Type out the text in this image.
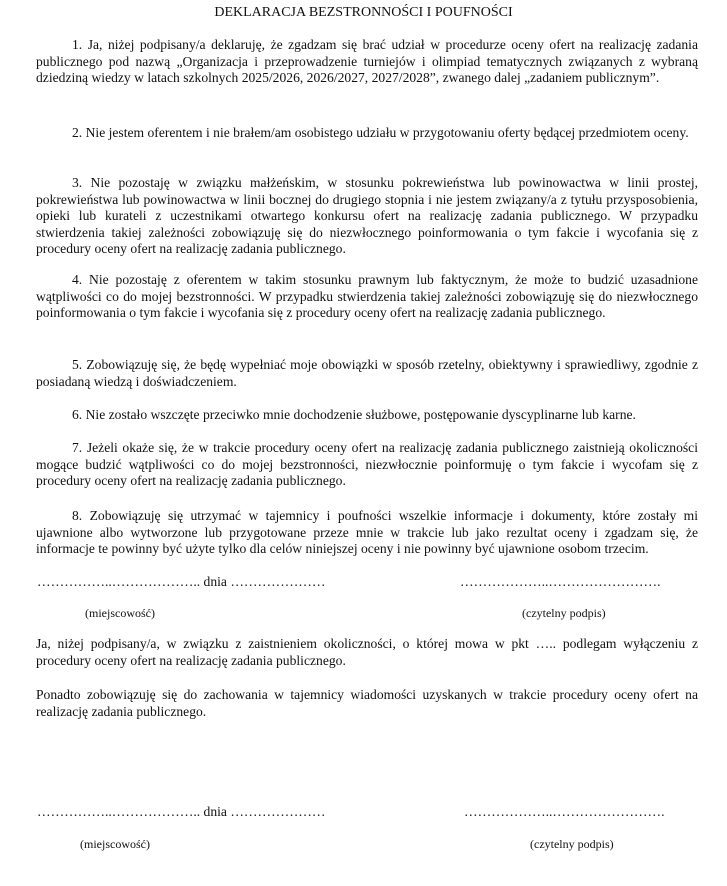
DEKLARACJA BEZSTRONNOŚCI I POUFNOŚCI

1. Ja, niżej podpisany/a deklaruję, że zgadzam się brać udział w procedurze oceny ofert na realizację zadania publicznego pod nazwą „Organizacja i przeprowadzenie turniejów i olimpiad tematycznych związanych z wybraną dziedziną wiedzy w latach szkolnych 2025/2026, 2026/2027, 2027/2028”, zwanego dalej „zadaniem publicznym”.

2. Nie jestem oferentem i nie brałem/am osobistego udziału w przygotowaniu oferty będącej przedmiotem oceny.

3. Nie pozostaję w związku małżeńskim, w stosunku pokrewieństwa lub powinowactwa w linii prostej, pokrewieństwa lub powinowactwa w linii bocznej do drugiego stopnia i nie jestem związany/a z tytułu przysposobienia, opieki lub kurateli z uczestnikami otwartego konkursu ofert na realizację zadania publicznego. W przypadku stwierdzenia takiej zależności zobowiązuję się do niezwłocznego poinformowania o tym fakcie i wycofania się z procedury oceny ofert na realizację zadania publicznego.

4. Nie pozostaję z oferentem w takim stosunku prawnym lub faktycznym, że może to budzić uzasadnione wątpliwości co do mojej bezstronności. W przypadku stwierdzenia takiej zależności zobowiązuję się do niezwłocznego poinformowania o tym fakcie i wycofania się z procedury oceny ofert na realizację zadania publicznego.

5. Zobowiązuję się, że będę wypełniać moje obowiązki w sposób rzetelny, obiektywny i sprawiedliwy, zgodnie z posiadaną wiedzą i doświadczeniem.

6. Nie zostało wszczęte przeciwko mnie dochodzenie służbowe, postępowanie dyscyplinarne lub karne.

7. Jeżeli okaże się, że w trakcie procedury oceny ofert na realizację zadania publicznego zaistnieją okoliczności mogące budzić wątpliwości co do mojej bezstronności, niezwłocznie poinformuję o tym fakcie i wycofam się z procedury oceny ofert na realizację zadania publicznego.

8. Zobowiązuję się utrzymać w tajemnicy i poufności wszelkie informacje i dokumenty, które zostały mi ujawnione albo wytworzone lub przygotowane przeze mnie w trakcie lub jako rezultat oceny i zgadzam się, że informacje te powinny być użyte tylko dla celów niniejszej oceny i nie powinny być ujawnione osobom trzecim.

……………..……………….. dnia …………………	………………..…………………….
(miejscowość)	(czytelny podpis)

Ja, niżej podpisany/a, w związku z zaistnieniem okoliczności, o której mowa w pkt ….. podlegam wyłączeniu z procedury oceny ofert na realizację zadania publicznego.

Ponadto zobowiązuję się do zachowania w tajemnicy wiadomości uzyskanych w trakcie procedury oceny ofert na realizację zadania publicznego.

……………..……………….. dnia …………………	………………..…………………….
(miejscowość)	(czytelny podpis)
